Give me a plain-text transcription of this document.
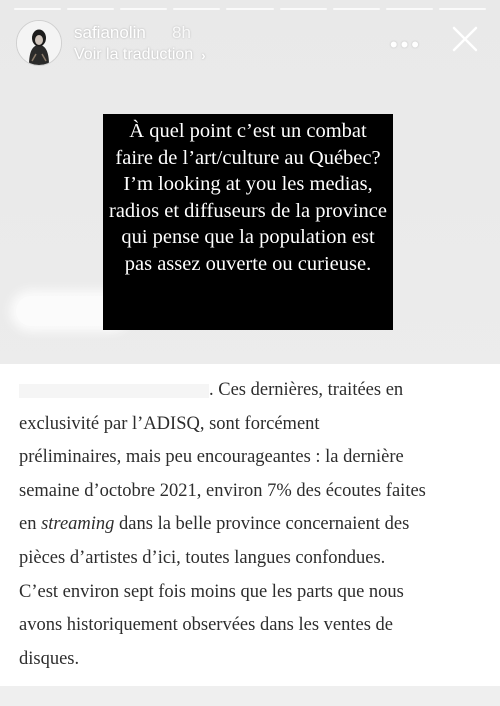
safianolin 8h
Voir la traduction ›	•••
À quel point c’est un combat faire de l’art/culture au Québec? I’m looking at you les medias, radios et diffuseurs de la province qui pense que la population est pas assez ouverte ou curieuse.
. Ces dernières, traitées en
exclusivité par l’ADISQ, sont forcément
préliminaires, mais peu encourageantes : la dernière
semaine d’octobre 2021, environ 7% des écoutes faites
en streaming dans la belle province concernaient des
pièces d’artistes d’ici, toutes langues confondues.
C’est environ sept fois moins que les parts que nous
avons historiquement observées dans les ventes de
disques.
